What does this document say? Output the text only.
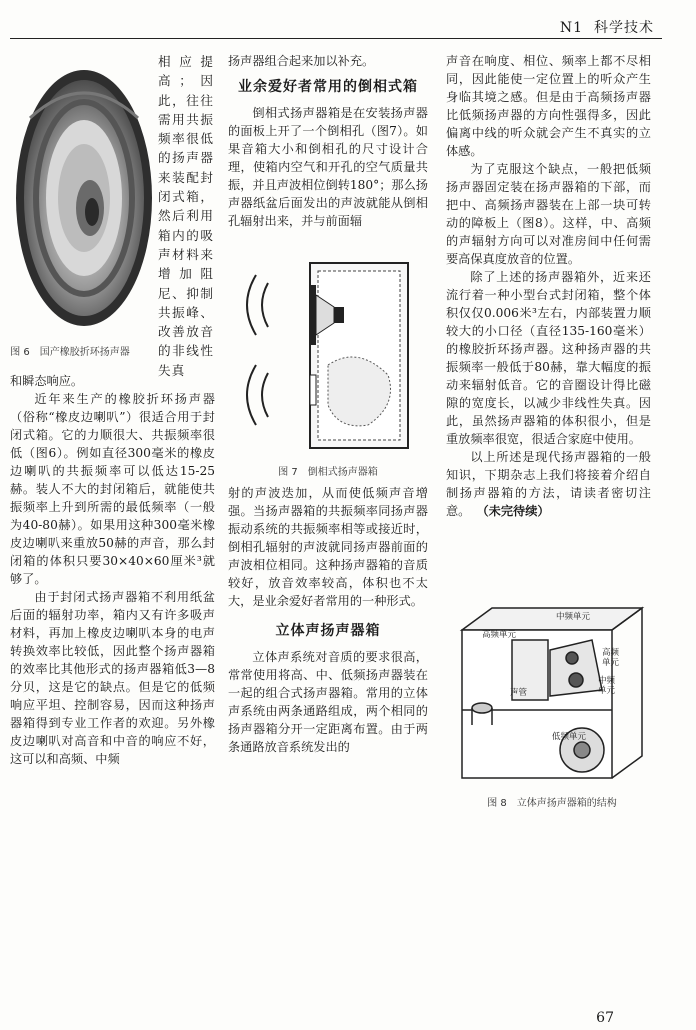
N1 科学技术
图 6　国产橡胶折环扬声器

相应提高；因此，往往需用共振频率很低的扬声器来装配封闭式箱，然后利用箱内的吸声材料来增加阻尼、抑制共振峰、改善放音的非线性失真

和瞬态响应。

近年来生产的橡胶折环扬声器（俗称“橡皮边喇叭”）很适合用于封闭式箱。它的力顺很大、共振频率很低（图6）。例如直径300毫米的橡皮边喇叭的共振频率可以低达15-25赫。装人不大的封闭箱后，就能使共振频率上升到所需的最低频率（一般为40-80赫）。如果用这种300毫米橡皮边喇叭来重放50赫的声音，那么封闭箱的体积只要30×40×60厘米³就够了。

由于封闭式扬声器箱不利用纸盆后面的辐射功率，箱内又有许多吸声材料，再加上橡皮边喇叭本身的电声转换效率比较低，因此整个扬声器箱的效率比其他形式的扬声器箱低3—8分贝，这是它的缺点。但是它的低频响应平坦、控制容易，因而这种扬声器箱得到专业工作者的欢迎。另外橡皮边喇叭对高音和中音的响应不好，这可以和高频、中频

扬声器组合起来加以补充。

业余爱好者常用的倒相式箱

倒相式扬声器箱是在安装扬声器的面板上开了一个倒相孔（图7）。如果音箱大小和倒相孔的尺寸设计合理，使箱内空气和开孔的空气质量共振，并且声波相位倒转180°；那么扬声器纸盆后面发出的声波就能从倒相孔辐射出来，并与前面辐

图 7　倒相式扬声器箱

射的声波迭加，从而使低频声音增强。当扬声器箱的共振频率同扬声器振动系统的共振频率相等或接近时，倒相孔辐射的声波就同扬声器前面的声波相位相同。这种扬声器箱的音质较好，放音效率较高，体积也不太大，是业余爱好者常用的一种形式。

立体声扬声器箱

立体声系统对音质的要求很高，常常使用将高、中、低频扬声器装在一起的组合式扬声器箱。常用的立体声系统由两条通路组成，两个相同的扬声器箱分开一定距离布置。由于两条通路放音系统发出的

声音在响度、相位、频率上都不尽相同，因此能使一定位置上的听众产生身临其境之感。但是由于高频扬声器比低频扬声器的方向性强得多，因此偏离中线的听众就会产生不真实的立体感。

为了克服这个缺点，一般把低频扬声器固定装在扬声器箱的下部，而把中、高频扬声器装在上部一块可转动的障板上（图8）。这样，中、高频的声辐射方向可以对准房间中任何需要高保真度放音的位置。

除了上述的扬声器箱外，近来还流行着一种小型台式封闭箱，整个体积仅仅0.006米³左右，内部装置力顺较大的小口径（直径135-160毫米）的橡胶折环扬声器。这种扬声器的共振频率一般低于80赫，靠大幅度的振动来辐射低音。它的音圈设计得比磁隙的宽度长，以减少非线性失真。因此，虽然扬声器箱的体积很小，但是重放频率很宽，很适合家庭中使用。

以上所述是现代扬声器箱的一般知识，下期杂志上我们将接着介绍自制扬声器箱的方法，请读者密切注意。 （未完待续）

中频单元
高频单元
高频单元
中频单元
声管
低频单元
图 8　立体声扬声器箱的结构
67
